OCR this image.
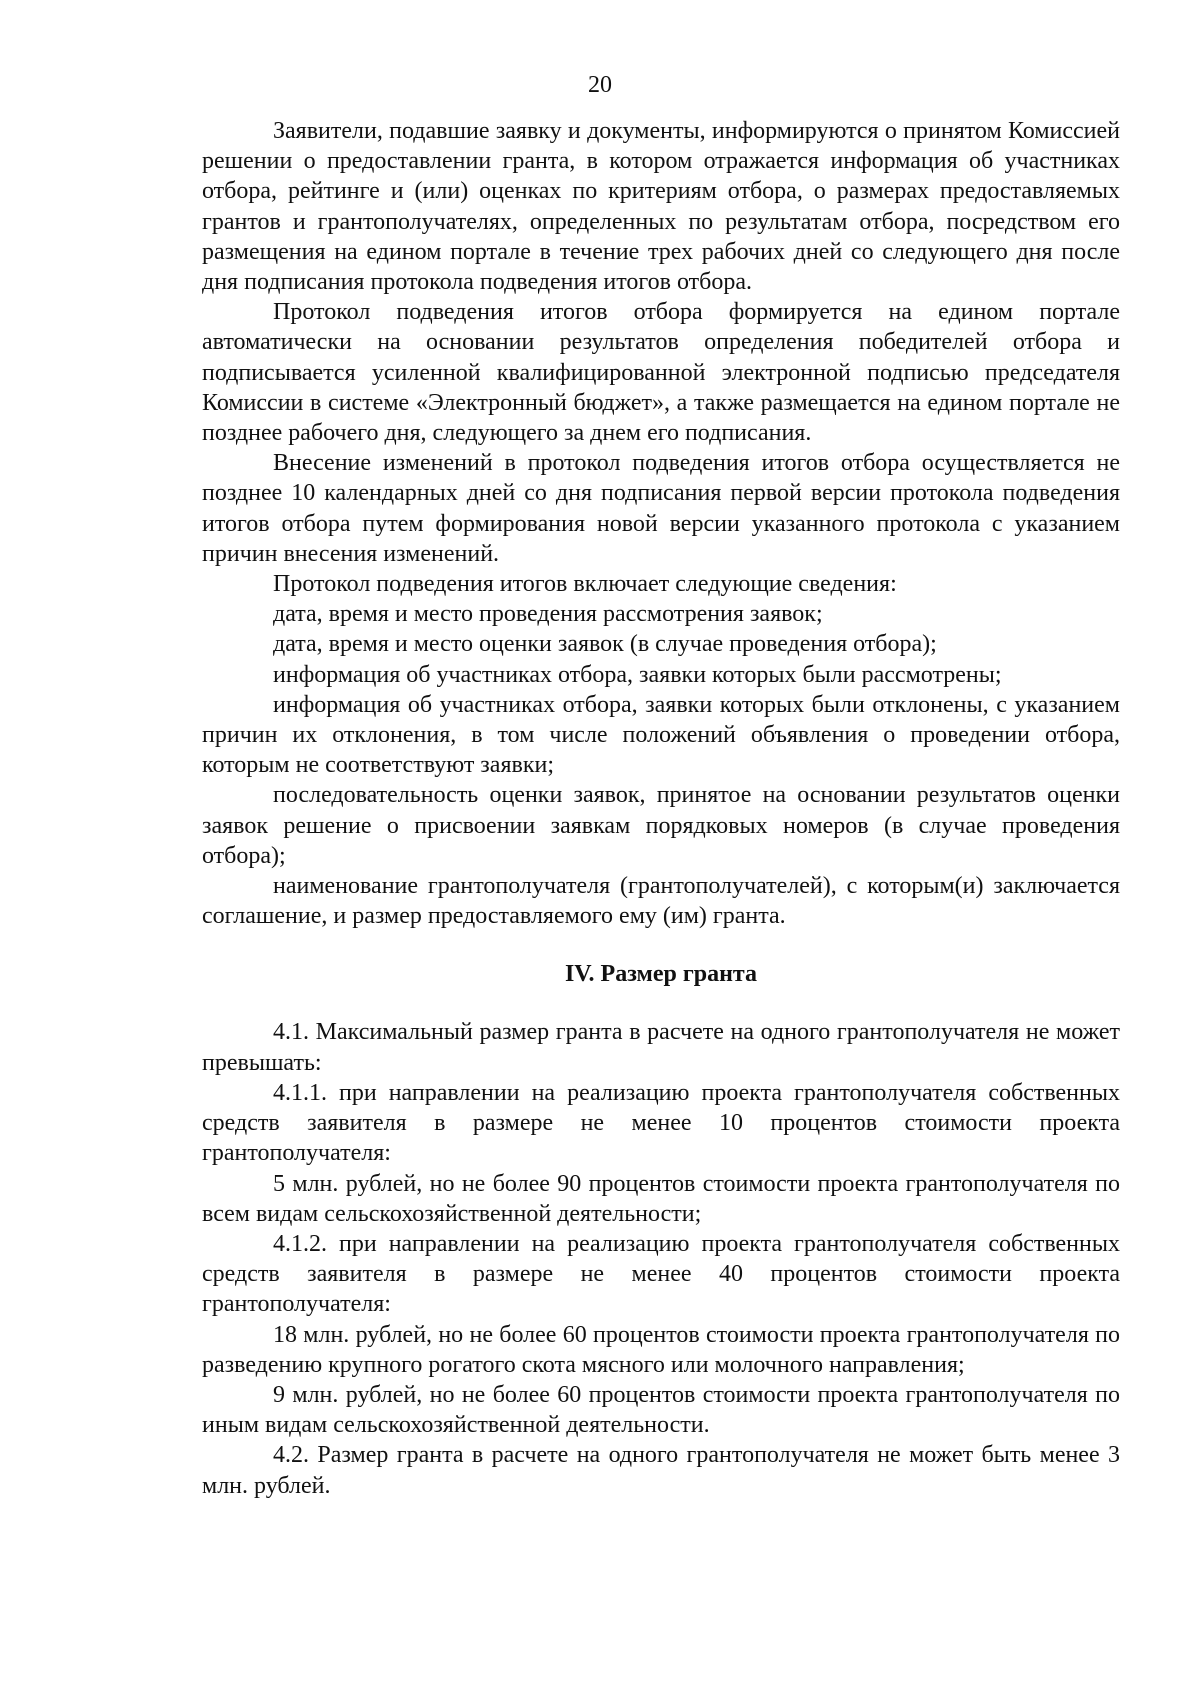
20

Заявители, подавшие заявку и документы, информируются о принятом Комиссией решении о предоставлении гранта, в котором отражается информация об участниках отбора, рейтинге и (или) оценках по критериям отбора, о размерах предоставляемых грантов и грантополучателях, определенных по результатам отбора, посредством его размещения на едином портале в течение трех рабочих дней со следующего дня после дня подписания протокола подведения итогов отбора.

Протокол подведения итогов отбора формируется на едином портале автоматически на основании результатов определения победителей отбора и подписывается усиленной квалифицированной электронной подписью председателя Комиссии в системе «Электронный бюджет», а также размещается на едином портале не позднее рабочего дня, следующего за днем его подписания.

Внесение изменений в протокол подведения итогов отбора осуществляется не позднее 10 календарных дней со дня подписания первой версии протокола подведения итогов отбора путем формирования новой версии указанного протокола с указанием причин внесения изменений.

Протокол подведения итогов включает следующие сведения:

дата, время и место проведения рассмотрения заявок;

дата, время и место оценки заявок (в случае проведения отбора);

информация об участниках отбора, заявки которых были рассмотрены;

информация об участниках отбора, заявки которых были отклонены, с указанием причин их отклонения, в том числе положений объявления о проведении отбора, которым не соответствуют заявки;

последовательность оценки заявок, принятое на основании результатов оценки заявок решение о присвоении заявкам порядковых номеров (в случае проведения отбора);

наименование грантополучателя (грантополучателей), с которым(и) заключается соглашение, и размер предоставляемого ему (им) гранта.

IV. Размер гранта

4.1. Максимальный размер гранта в расчете на одного грантополучателя не может превышать:

4.1.1. при направлении на реализацию проекта грантополучателя собственных средств заявителя в размере не менее 10 процентов стоимости проекта грантополучателя:

5 млн. рублей, но не более 90 процентов стоимости проекта грантополучателя по всем видам сельскохозяйственной деятельности;

4.1.2. при направлении на реализацию проекта грантополучателя собственных средств заявителя в размере не менее 40 процентов стоимости проекта грантополучателя:

18 млн. рублей, но не более 60 процентов стоимости проекта грантополучателя по разведению крупного рогатого скота мясного или молочного направления;

9 млн. рублей, но не более 60 процентов стоимости проекта грантополучателя по иным видам сельскохозяйственной деятельности.

4.2. Размер гранта в расчете на одного грантополучателя не может быть менее 3 млн. рублей.
